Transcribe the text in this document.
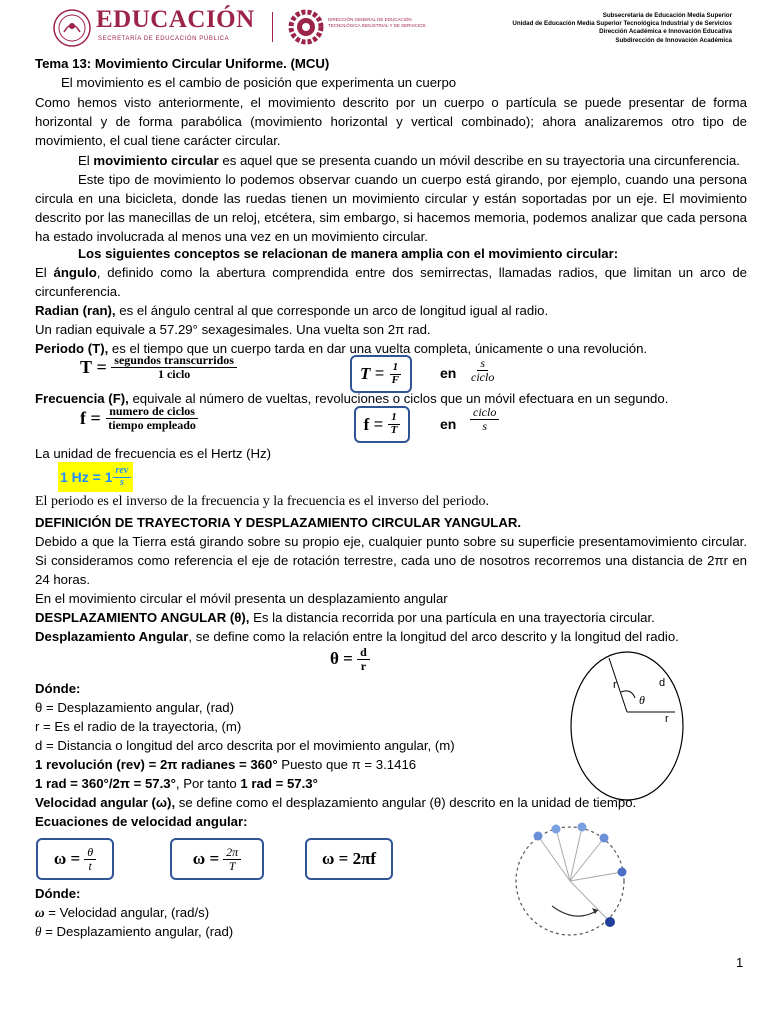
EDUCACIÓN
SECRETARÍA DE EDUCACIÓN PÚBLICA
DIRECCIÓN GENERAL DE EDUCACIÓN TECNOLÓGICA INDUSTRIAL Y DE SERVICIOS
Subsecretaría de Educación Media Superior
Unidad de Educación Media Superior Tecnológica Industrial y de Servicios
Dirección Académica e Innovación Educativa
Subdirección de Innovación Académica
Tema 13: Movimiento Circular Uniforme. (MCU)
El movimiento es el cambio de posición que experimenta un cuerpo
Como hemos visto anteriormente, el movimiento descrito por un cuerpo o partícula se puede presentar de forma horizontal y de forma parabólica (movimiento horizontal y vertical combinado); ahora analizaremos otro tipo de movimiento, el cual tiene carácter circular.
El movimiento circular es aquel que se presenta cuando un móvil describe en su trayectoria una circunferencia.
Este tipo de movimiento lo podemos observar cuando un cuerpo está girando, por ejemplo, cuando una persona circula en una bicicleta, donde las ruedas tienen un movimiento circular y están soportadas por un eje. El movimiento descrito por las manecillas de un reloj, etcétera, sim embargo, si hacemos memoria, podemos analizar que cada persona ha estado involucrada al menos una vez en un movimiento circular.
Los siguientes conceptos se relacionan de manera amplia con el movimiento circular:
El ángulo, definido como la abertura comprendida entre dos semirrectas, llamadas radios, que limitan un arco de circunferencia.
Radian (ran), es el ángulo central al que corresponde un arco de longitud igual al radio.
Un radian equivale a 57.29° sexagesimales. Una vuelta son 2π rad.
Periodo (T), es el tiempo que un cuerpo tarda en dar una vuelta completa, únicamente o una revolución.
$T = \frac{\text{segundos transcurridos}}{\text{1 ciclo}}$	$T = \frac{1}{F}$	en $\frac{s}{\text{ciclo}}$
Frecuencia (F), equivale al número de vueltas, revoluciones o ciclos que un móvil efectuara en un segundo.
$f = \frac{\text{numero de ciclos}}{\text{tiempo empleado}}$	$f = \frac{1}{T}$	en $\frac{\text{ciclo}}{s}$
La unidad de frecuencia es el Hertz (Hz)
1 $Hz = 1 \frac{\text{rev}}{s}$
El periodo es el inverso de la frecuencia y la frecuencia es el inverso del periodo.
DEFINICIÓN DE TRAYECTORIA Y DESPLAZAMIENTO CIRCULAR YANGULAR.
Debido a que la Tierra está girando sobre su propio eje, cualquier punto sobre su superficie presentamovimiento circular. Si consideramos como referencia el eje de rotación terrestre, cada uno de nosotros recorremos una distancia de 2πr en 24 horas.
En el movimiento circular el móvil presenta un desplazamiento angular
DESPLAZAMIENTO ANGULAR (θ), Es la distancia recorrida por una partícula en una trayectoria circular.
Desplazamiento Angular, se define como la relación entre la longitud del arco descrito y la longitud del radio.
θ =
$\frac{d}{r}$
Dónde:
θ = Desplazamiento angular, (rad)
r = Es el radio de la trayectoria, (m)
d = Distancia o longitud del arco descrita por el movimiento angular, (m)
1 revolución (rev) = 2π radianes = 360° Puesto que π = 3.1416
1 rad = 360°/2π = 57.3°, Por tanto 1 rad = 57.3°
Velocidad angular (ω), se define como el desplazamiento angular (θ) descrito en la unidad de tiempo.
Ecuaciones de velocidad angular:
ω =
$\frac{\theta}{t}$	ω =
$\frac{2\pi}{T}$	ω = 2πf
Dónde:
ω = Velocidad angular, (rad/s)
θ = Desplazamiento angular, (rad)
r	d
θ
r
1
